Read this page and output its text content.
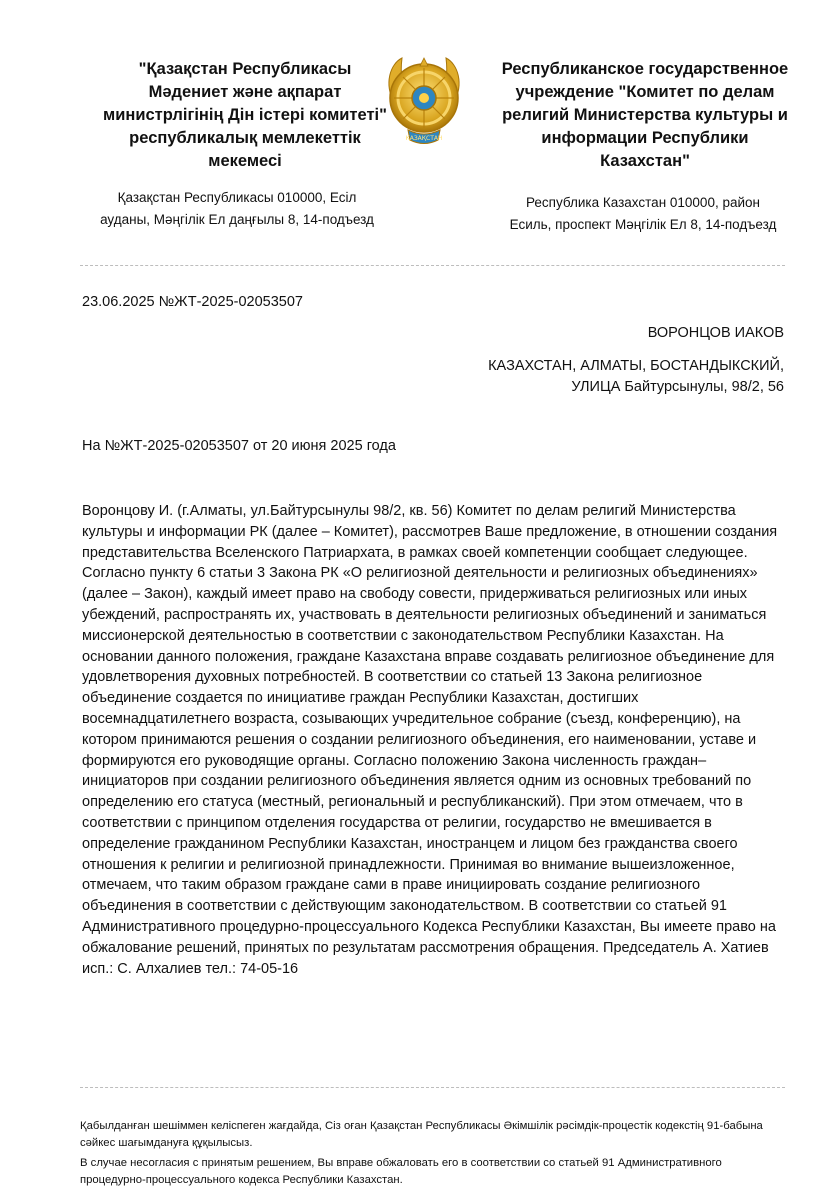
"Қазақстан Республикасы
Мәдениет және ақпарат
министрлігінің Дін істері комитеті"
республикалық мемлекеттік
мекемесі
ҚАЗАҚСТАН
Республиканское государственное
учреждение "Комитет по делам
религий Министерства культуры и
информации Республики
Казахстан"
Қазақстан Республикасы 010000, Есіл
ауданы, Мәңгілік Ел даңғылы 8, 14-подъезд
Республика Казахстан 010000, район
Есиль, проспект Мәңгілік Ел 8, 14-подъезд
23.06.2025 №ЖТ-2025-02053507
ВОРОНЦОВ ИАКОВ
КАЗАХСТАН, АЛМАТЫ, БОСТАНДЫКСКИЙ,
УЛИЦА Байтурсынулы, 98/2, 56
На №ЖТ-2025-02053507 от 20 июня 2025 года

Воронцову И. (г.Алматы, ул.Байтурсынулы 98/2, кв. 56) Комитет по делам религий Министерства культуры и информации РК (далее – Комитет), рассмотрев Ваше предложение, в отношении создания представительства Вселенского Патриархата, в рамках своей компетенции сообщает следующее. Согласно пункту 6 статьи 3 Закона РК «О религиозной деятельности и религиозных объединениях» (далее – Закон), каждый имеет право на свободу совести, придерживаться религиозных или иных убеждений, распространять их, участвовать в деятельности религиозных объединений и заниматься миссионерской деятельностью в соответствии с законодательством Республики Казахстан. На основании данного положения, граждане Казахстана вправе создавать религиозное объединение для удовлетворения духовных потребностей. В соответствии со статьей 13 Закона религиозное объединение создается по инициативе граждан Республики Казахстан, достигших восемнадцатилетнего возраста, созывающих учредительное собрание (съезд, конференцию), на котором принимаются решения о создании религиозного объединения, его наименовании, уставе и формируются его руководящие органы. Согласно положению Закона численность граждан–инициаторов при создании религиозного объединения является одним из основных требований по определению его статуса (местный, региональный и республиканский). При этом отмечаем, что в соответствии с принципом отделения государства от религии, государство не вмешивается в определение гражданином Республики Казахстан, иностранцем и лицом без гражданства своего отношения к религии и религиозной принадлежности. Принимая во внимание вышеизложенное, отмечаем, что таким образом граждане сами в праве инициировать создание религиозного объединения в соответствии с действующим законодательством. В соответствии со статьей 91 Административного процедурно-процессуального Кодекса Республики Казахстан, Вы имеете право на обжалование решений, принятых по результатам рассмотрения обращения. Председатель А. Хатиев исп.: С. Алхалиев тел.: 74-05-16

Қабылданған шешіммен келіспеген жағдайда, Сіз оған Қазақстан Республикасы Әкімшілік рәсімдік-процестік кодекстің 91-бабына сәйкес шағымдануға құқылысыз.

В случае несогласия с принятым решением, Вы вправе обжаловать его в соответствии со статьей 91 Административного процедурно-процессуального кодекса Республики Казахстан.
